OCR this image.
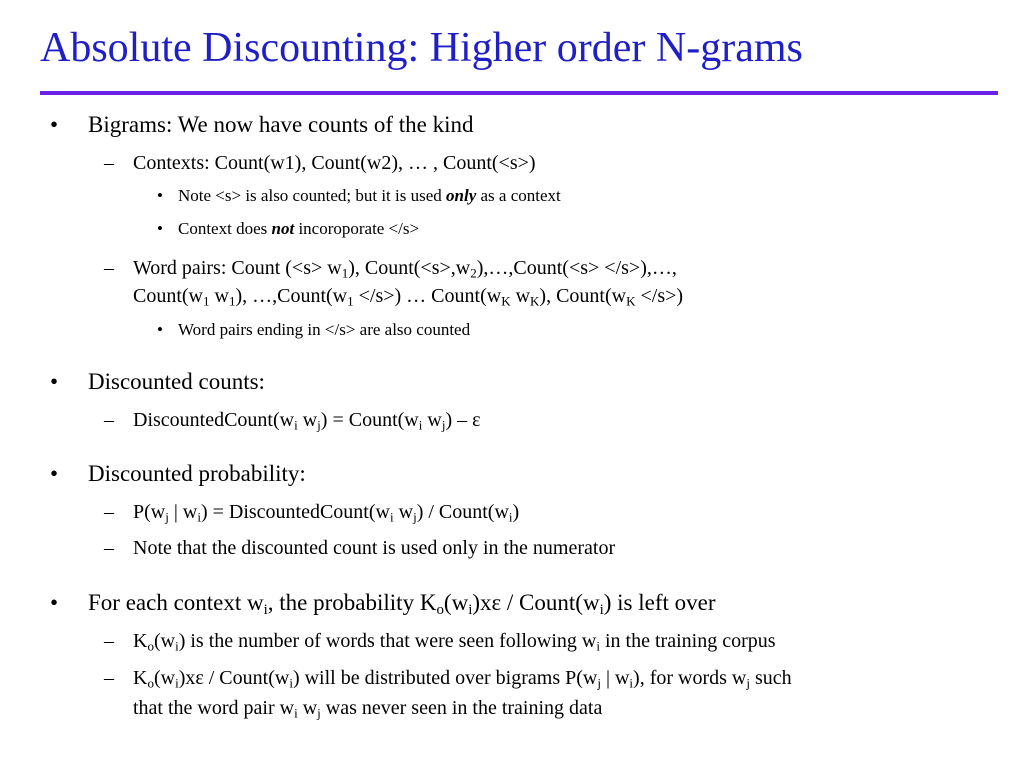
Absolute Discounting: Higher order N-grams
• Bigrams: We now have counts of the kind
– Contexts: Count(w1), Count(w2), … , Count(<s>)
• Note <s> is also counted; but it is used only as a context
• Context does not incoroporate </s>
– Word pairs: Count $(<s> w_1)$, $Count(<s>,w_2),\dots,Count(<s>$ </s>),…,
$Count(w_1$ $w_1$), $\dots,Count(w_1 </s>)$ … $Count(w_K$ $w_K$), $Count(w_K </s>)$
• Word pairs ending in </s> are also counted
• Discounted counts:
– $DiscountedCount(w_i$ $w_j$) = $Count(w_i$ $w_j$) – ε
• Discounted probability:
– $P(w_j$ | $w_i$) = $DiscountedCount(w_i$ $w_j$) / $Count(w_i)$
– Note that the discounted count is used only in the numerator
• For each context $w_i$, the probability $K_o(w_i)x\varepsilon$ / $Count(w_i)$ is left over
– $K_o(w_i)$ is the number of words that were seen following $w_i$ in the training corpus
– $K_o(w_i)x\varepsilon$ / $Count(w_i)$ will be distributed over bigrams $P(w_j$ | $w_i$), for words $w_j$ such
that the word pair $w_i$ $w_j$ was never seen in the training data
